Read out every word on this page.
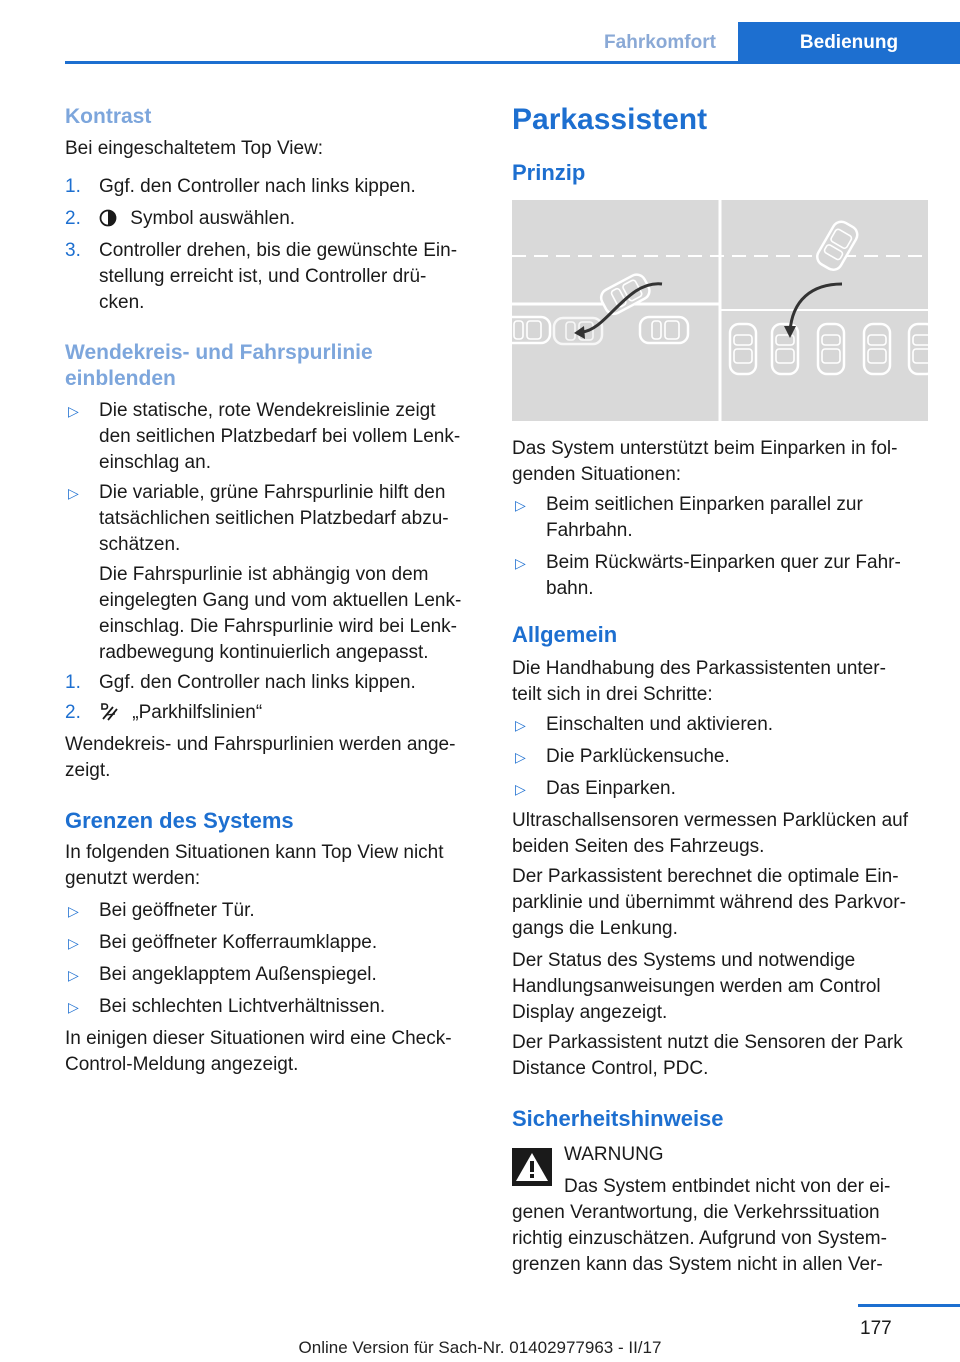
Fahrkomfort	Bedienung
Kontrast
Bei eingeschaltetem Top View:
1. Ggf. den Controller nach links kippen.
2.	Symbol auswählen.
3. Controller drehen, bis die gewünschte Ein-
stellung erreicht ist, und Controller drü-
cken.
Wendekreis- und Fahrspurlinie
einblenden
▷ Die statische, rote Wendekreislinie zeigt
den seitlichen Platzbedarf bei vollem Lenk-
einschlag an.
▷ Die variable, grüne Fahrspurlinie hilft den
tatsächlichen seitlichen Platzbedarf abzu-
schätzen.
Die Fahrspurlinie ist abhängig von dem
eingelegten Gang und vom aktuellen Lenk-
einschlag. Die Fahrspurlinie wird bei Lenk-
radbewegung kontinuierlich angepasst.
1. Ggf. den Controller nach links kippen.
2.	„Parkhilfslinien“
Wendekreis- und Fahrspurlinien werden ange-
zeigt.
Grenzen des Systems
In folgenden Situationen kann Top View nicht
genutzt werden:
▷ Bei geöffneter Tür.
▷ Bei geöffneter Kofferraumklappe.
▷ Bei angeklapptem Außenspiegel.
▷ Bei schlechten Lichtverhältnissen.
In einigen dieser Situationen wird eine Check-
Control-Meldung angezeigt.
Parkassistent
Prinzip
Das System unterstützt beim Einparken in fol-
genden Situationen:
▷ Beim seitlichen Einparken parallel zur
Fahrbahn.
▷ Beim Rückwärts-Einparken quer zur Fahr-
bahn.
Allgemein
Die Handhabung des Parkassistenten unter-
teilt sich in drei Schritte:
▷ Einschalten und aktivieren.
▷ Die Parklückensuche.
▷ Das Einparken.
Ultraschallsensoren vermessen Parklücken auf
beiden Seiten des Fahrzeugs.
Der Parkassistent berechnet die optimale Ein-
parklinie und übernimmt während des Parkvor-
gangs die Lenkung.
Der Status des Systems und notwendige
Handlungsanweisungen werden am Control
Display angezeigt.
Der Parkassistent nutzt die Sensoren der Park
Distance Control, PDC.
Sicherheitshinweise
WARNUNG
Das System entbindet nicht von der ei-
genen Verantwortung, die Verkehrssituation
richtig einzuschätzen. Aufgrund von System-
grenzen kann das System nicht in allen Ver-
177
Online Version für Sach-Nr. 01402977963 - II/17
